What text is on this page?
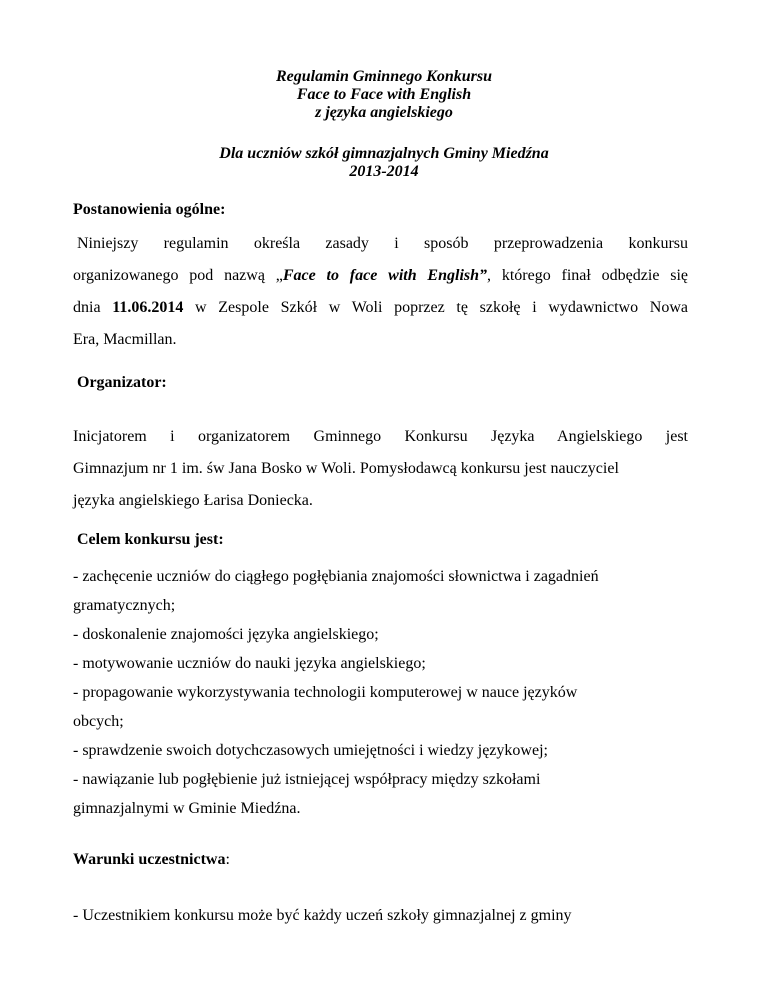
Regulamin Gminnego Konkursu
Face to Face with English
z języka angielskiego
Dla uczniów szkół gimnazjalnych Gminy Miedźna
2013-2014
Postanowienia ogólne:
Niniejszy regulamin określa zasady i sposób przeprowadzenia konkursu
organizowanego pod nazwą „Face to face with English”, którego finał odbędzie się
dnia 11.06.2014 w Zespole Szkół w Woli poprzez tę szkołę i wydawnictwo Nowa
Era, Macmillan.
Organizator:
Inicjatorem i organizatorem Gminnego Konkursu Języka Angielskiego jest
Gimnazjum nr 1 im. św Jana Bosko w Woli. Pomysłodawcą konkursu jest nauczyciel
języka angielskiego Łarisa Doniecka.
Celem konkursu jest:
- zachęcenie uczniów do ciągłego pogłębiania znajomości słownictwa i zagadnień
gramatycznych;
- doskonalenie znajomości języka angielskiego;
- motywowanie uczniów do nauki języka angielskiego;
- propagowanie wykorzystywania technologii komputerowej w nauce języków
obcych;
- sprawdzenie swoich dotychczasowych umiejętności i wiedzy językowej;
- nawiązanie lub pogłębienie już istniejącej współpracy między szkołami
gimnazjalnymi w Gminie Miedźna.
Warunki uczestnictwa:
- Uczestnikiem konkursu może być każdy uczeń szkoły gimnazjalnej z gminy
